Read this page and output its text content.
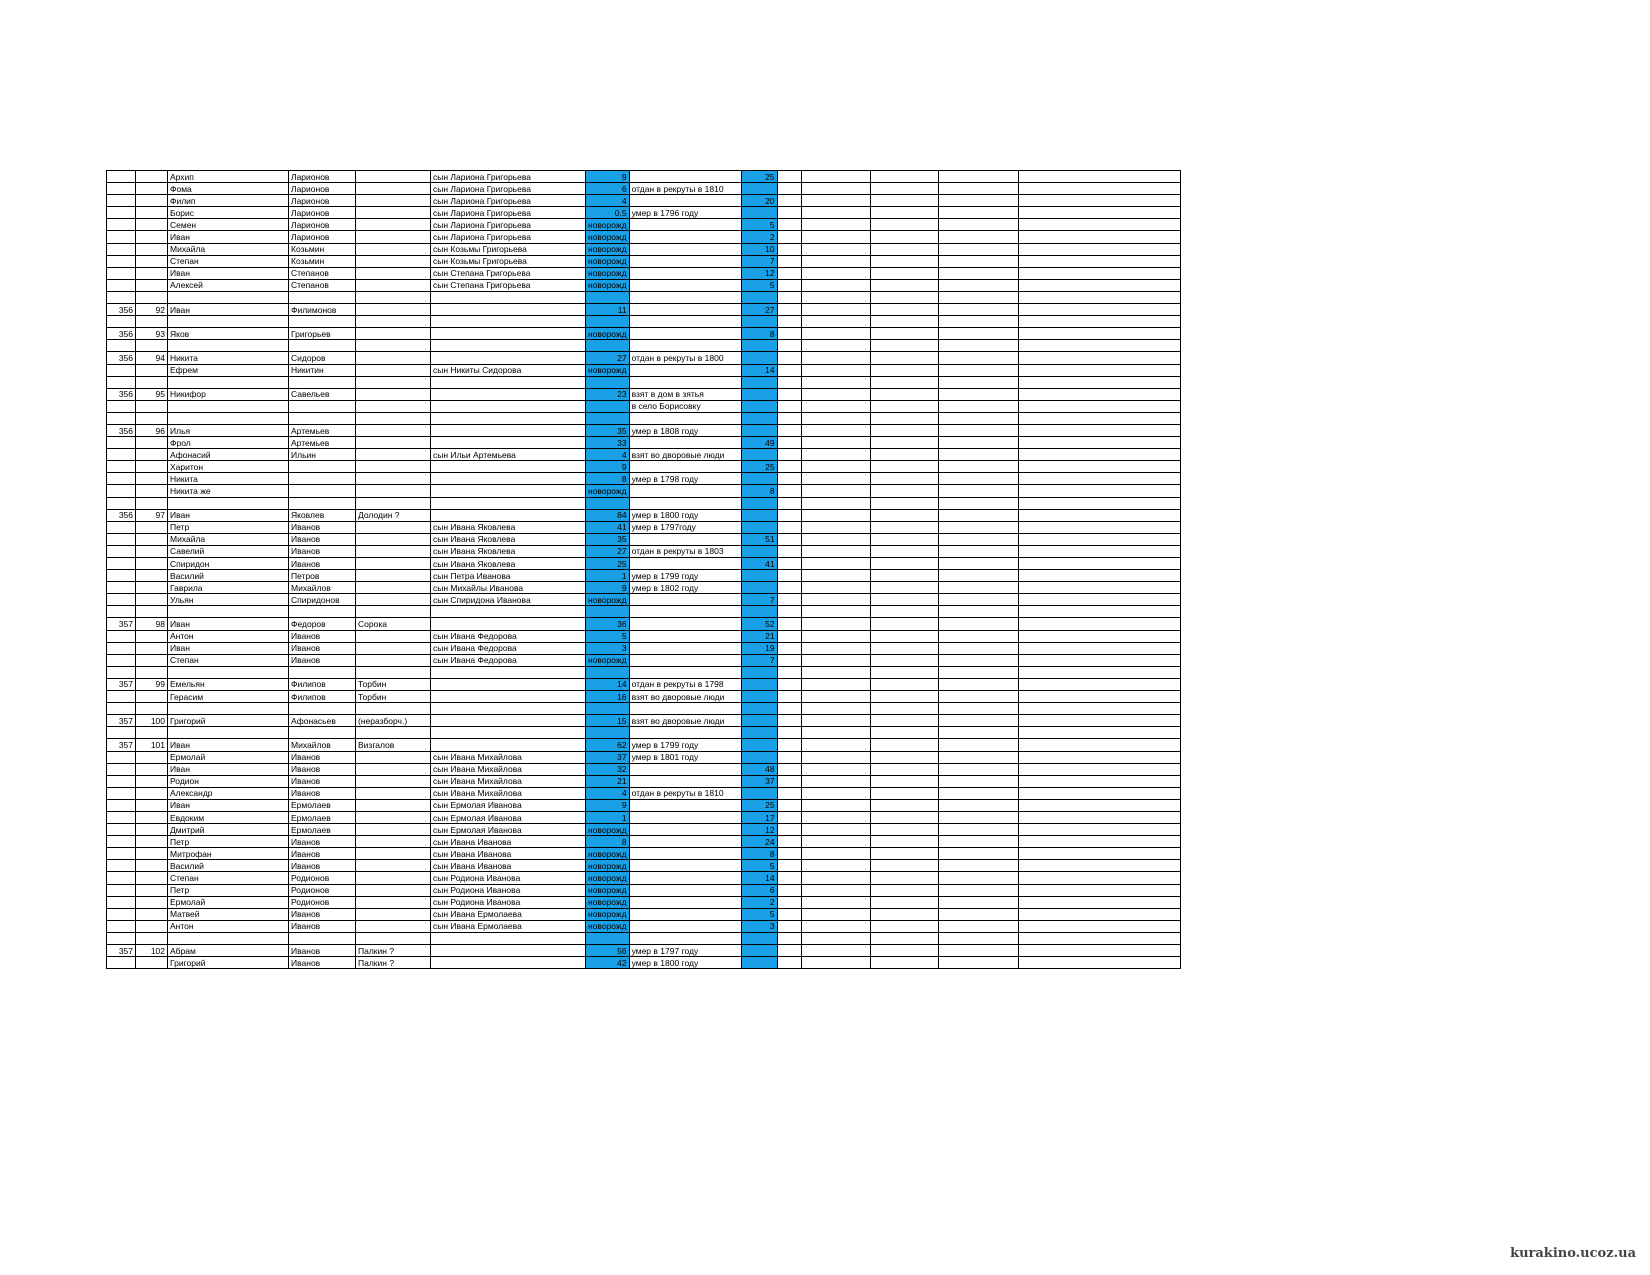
		Архип	Ларионов		сын Лариона Григорьева	9		25					
		Фома	Ларионов		сын Лариона Григорьева	6	отдан в рекруты в 1810						
		Филип	Ларионов		сын Лариона Григорьева	4		20					
		Борис	Ларионов		сын Лариона Григорьева	0.5	умер в 1796 году						
		Семен	Ларионов		сын Лариона Григорьева	новорожд		5					
		Иван	Ларионов		сын Лариона Григорьева	новорожд		2					
		Михайла	Козьмин		сын Козьмы Григорьева	новорожд		10					
		Степан	Козьмин		сын Козьмы Григорьева	новорожд		7					
		Иван	Степанов		сын Степана Григорьева	новорожд		12					
		Алексей	Степанов		сын Степана Григорьева	новорожд		5					

356	92	Иван	Филимонов			11		27					

356	93	Яков	Григорьев			новорожд		8					

356	94	Никита	Сидоров			27	отдан в рекруты в 1800						
		Ефрем	Никитин		сын Никиты Сидорова	новорожд		14					

356	95	Никифор	Савельев			23	взят в дом в зятья						
							в село Борисовку						

356	96	Илья	Артемьев			35	умер в 1808 году						
		Фрол	Артемьев			33		49					
		Афонасий	Ильин		сын Ильи Артемьева	4	взят во дворовые люди						
		Харитон				9		25					
		Никита				8	умер в 1798 году						
		Никита же				новорожд		8					

356	97	Иван	Яковлев	Долодин ?		84	умер в 1800 году						
		Петр	Иванов		сын Ивана Яковлева	41	умер в 1797году						
		Михайла	Иванов		сын Ивана Яковлева	35		51					
		Савелий	Иванов		сын Ивана Яковлева	27	отдан в рекруты в 1803						
		Спиридон	Иванов		сын Ивана Яковлева	25		41					
		Василий	Петров		сын Петра Иванова	1	умер в 1799 году						
		Гаврила	Михайлов		сын Михайлы Иванова	9	умер в 1802 году						
		Ульян	Спиридонов		сын Спиридона Иванова	новорожд		7					

357	98	Иван	Федоров	Сорока		36		52					
		Антон	Иванов		сын Ивана Федорова	5		21					
		Иван	Иванов		сын Ивана Федорова	3		19					
		Степан	Иванов		сын Ивана Федорова	новорожд		7					

357	99	Емельян	Филипов	Торбин		14	отдан в рекруты в 1798						
		Герасим	Филипов	Торбин		16	взят во дворовые люди						

357	100	Григорий	Афонасьев	(неразборч.)		15	взят во дворовые люди						

357	101	Иван	Михайлов	Визгалов		62	умер в 1799 году						
		Ермолай	Иванов		сын Ивана Михайлова	37	умер в 1801 году						
		Иван	Иванов		сын Ивана Михайлова	32		48					
		Родион	Иванов		сын Ивана Михайлова	21		37					
		Александр	Иванов		сын Ивана Михайлова	4	отдан в рекруты в 1810						
		Иван	Ермолаев		сын Ермолая Иванова	9		25					
		Евдоким	Ермолаев		сын Ермолая Иванова	1		17					
		Дмитрий	Ермолаев		сын Ермолая Иванова	новорожд		12					
		Петр	Иванов		сын Ивана Иванова	8		24					
		Митрофан	Иванов		сын Ивана Иванова	новорожд		8					
		Василий	Иванов		сын Ивана Иванова	новорожд		5					
		Степан	Родионов		сын Родиона Иванова	новорожд		14					
		Петр	Родионов		сын Родиона Иванова	новорожд		6					
		Ермолай	Родионов		сын Родиона Иванова	новорожд		2					
		Матвей	Иванов		сын Ивана Ермолаева	новорожд		5					
		Антон	Иванов		сын Ивана Ермолаева	новорожд		3					

357	102	Абрам	Иванов	Палкин ?		56	умер в 1797 году						
		Григорий	Иванов	Палкин ?		42	умер в 1800 году						
kurakino.ucoz.ua
